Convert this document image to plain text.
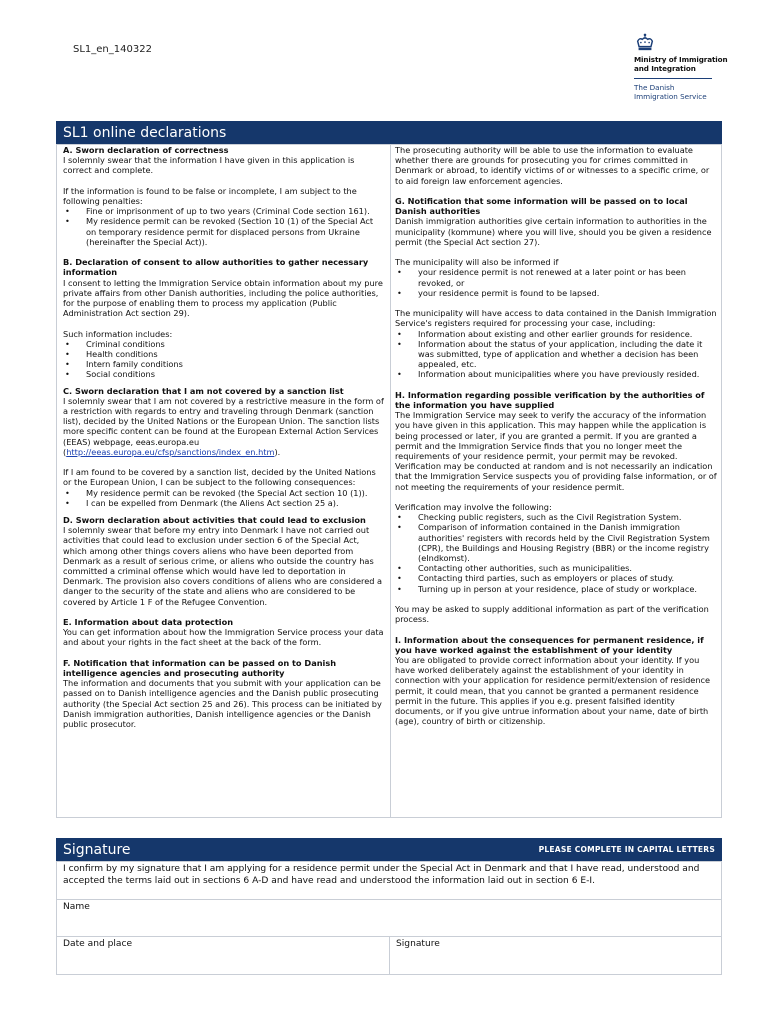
SL1_en_140322
Ministry of Immigration
and Integration
The Danish
Immigration Service
SL1 online declarations

A. Sworn declaration of correctness

I solemnly swear that the information I have given in this application is correct and complete.

If the information is found to be false or incomplete, I am subject to the following penalties:

• Fine or imprisonment of up to two years (Criminal Code section 161).
• My residence permit can be revoked (Section 10 (1) of the Special Act on temporary residence permit for displaced persons from Ukraine (hereinafter the Special Act)).

B. Declaration of consent to allow authorities to gather necessary information

I consent to letting the Immigration Service obtain information about my pure private affairs from other Danish authorities, including the police authorities, for the purpose of enabling them to process my application (Public Administration Act section 29).

Such information includes:

• Criminal conditions
• Health conditions
• Intern family conditions
• Social conditions

C. Sworn declaration that I am not covered by a sanction list

I solemnly swear that I am not covered by a restrictive measure in the form of a restriction with regards to entry and traveling through Denmark (sanction list), decided by the United Nations or the European Union. The sanction lists more specific content can be found at the European External Action Services (EEAS) webpage, eeas.europa.eu

(http://eeas.europa.eu/cfsp/sanctions/index_en.htm).

If I am found to be covered by a sanction list, decided by the United Nations or the European Union, I can be subject to the following consequences:

• My residence permit can be revoked (the Special Act section 10 (1)).
• I can be expelled from Denmark (the Aliens Act section 25 a).

D. Sworn declaration about activities that could lead to exclusion

I solemnly swear that before my entry into Denmark I have not carried out activities that could lead to exclusion under section 6 of the Special Act, which among other things covers aliens who have been deported from Denmark as a result of serious crime, or aliens who outside the country has committed a criminal offense which would have led to deportation in Denmark. The provision also covers conditions of aliens who are considered a danger to the security of the state and aliens who are considered to be covered by Article 1 F of the Refugee Convention.

E. Information about data protection

You can get information about how the Immigration Service process your data and about your rights in the fact sheet at the back of the form.

F. Notification that information can be passed on to Danish intelligence agencies and prosecuting authority

The information and documents that you submit with your application can be passed on to Danish intelligence agencies and the Danish public prosecuting authority (the Special Act section 25 and 26). This process can be initiated by Danish immigration authorities, Danish intelligence agencies or the Danish public prosecutor.

The prosecuting authority will be able to use the information to evaluate whether there are grounds for prosecuting you for crimes committed in Denmark or abroad, to identify victims of or witnesses to a specific crime, or to aid foreign law enforcement agencies.

G. Notification that some information will be passed on to local Danish authorities

Danish immigration authorities give certain information to authorities in the municipality (kommune) where you will live, should you be given a residence permit (the Special Act section 27).

The municipality will also be informed if

• your residence permit is not renewed at a later point or has been revoked, or
• your residence permit is found to be lapsed.

The municipality will have access to data contained in the Danish Immigration Service's registers required for processing your case, including:

• Information about existing and other earlier grounds for residence.
• Information about the status of your application, including the date it was submitted, type of application and whether a decision has been appealed, etc.
• Information about municipalities where you have previously resided.

H. Information regarding possible verification by the authorities of the information you have supplied

The Immigration Service may seek to verify the accuracy of the information you have given in this application. This may happen while the application is being processed or later, if you are granted a permit. If you are granted a permit and the Immigration Service finds that you no longer meet the requirements of your residence permit, your permit may be revoked. Verification may be conducted at random and is not necessarily an indication that the Immigration Service suspects you of providing false information, or of not meeting the requirements of your residence permit.

Verification may involve the following:

• Checking public registers, such as the Civil Registration System.
• Comparison of information contained in the Danish immigration authorities' registers with records held by the Civil Registration System (CPR), the Buildings and Housing Registry (BBR) or the income registry (eIndkomst).
• Contacting other authorities, such as municipalities.
• Contacting third parties, such as employers or places of study.
• Turning up in person at your residence, place of study or workplace.

You may be asked to supply additional information as part of the verification process.

I. Information about the consequences for permanent residence, if you have worked against the establishment of your identity

You are obligated to provide correct information about your identity. If you have worked deliberately against the establishment of your identity in connection with your application for residence permit/extension of residence permit, it could mean, that you cannot be granted a permanent residence permit in the future. This applies if you e.g. present falsified identity documents, or if you give untrue information about your name, date of birth (age), country of birth or citizenship.

Signature	PLEASE COMPLETE IN CAPITAL LETTERS
I confirm by my signature that I am applying for a residence permit under the Special Act in Denmark and that I have read, understood and accepted the terms laid out in sections 6 A-D and have read and understood the information laid out in section 6 E-I.
Name
Date and place	Signature
